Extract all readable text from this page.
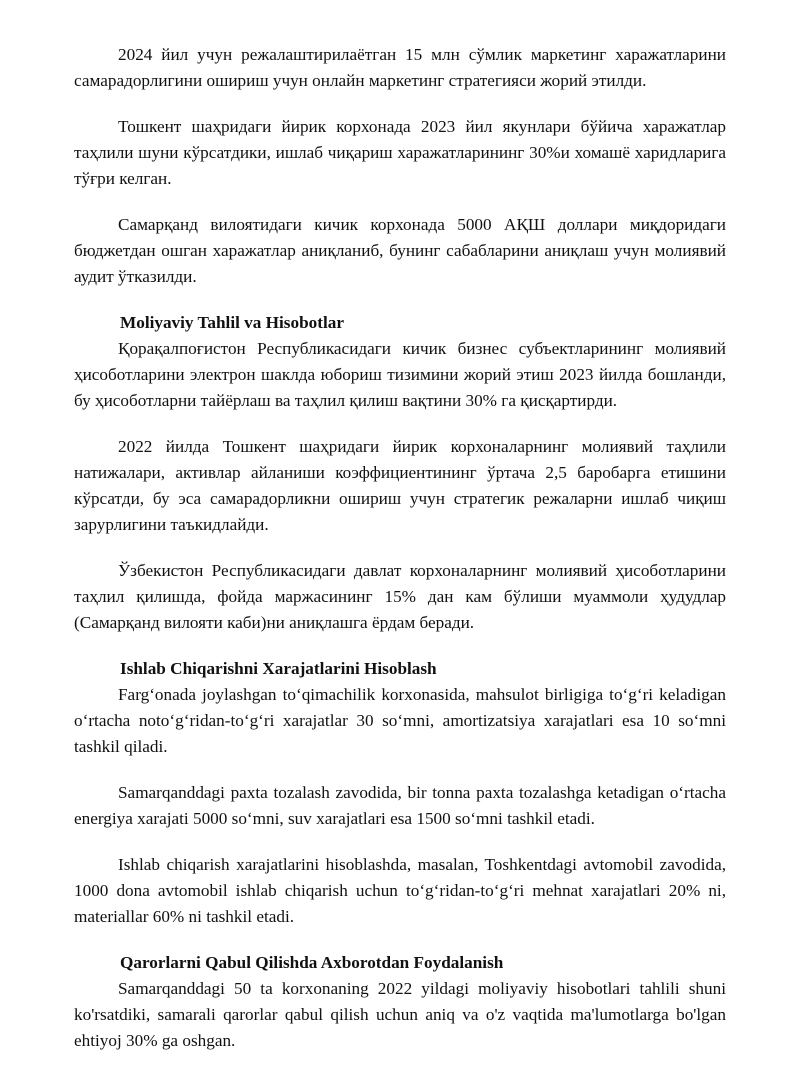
2024 йил учун режалаштирилаётган 15 млн сўмлик маркетинг харажатларини самарадорлигини ошириш учун онлайн маркетинг стратегияси жорий этилди.

Тошкент шаҳридаги йирик корхонада 2023 йил якунлари бўйича харажатлар таҳлили шуни кўрсатдики, ишлаб чиқариш харажатларининг 30%и хомашё харидларига тўғри келган.

Самарқанд вилоятидаги кичик корхонада 5000 АҚШ доллари миқдоридаги бюджетдан ошган харажатлар аниқланиб, бунинг сабабларини аниқлаш учун молиявий аудит ўтказилди.

Moliyaviy Tahlil va Hisobotlar

Қорақалпоғистон Республикасидаги кичик бизнес субъектларининг молиявий ҳисоботларини электрон шаклда юбориш тизимини жорий этиш 2023 йилда бошланди, бу ҳисоботларни тайёрлаш ва таҳлил қилиш вақтини 30% га қисқартирди.

2022 йилда Тошкент шаҳридаги йирик корхоналарнинг молиявий таҳлили натижалари, активлар айланиши коэффициентининг ўртача 2,5 баробарга етишини кўрсатди, бу эса самарадорликни ошириш учун стратегик режаларни ишлаб чиқиш зарурлигини таъкидлайди.

Ўзбекистон Республикасидаги давлат корхоналарнинг молиявий ҳисоботларини таҳлил қилишда, фойда маржасининг 15% дан кам бўлиши муаммоли ҳудудлар (Самарқанд вилояти каби)ни аниқлашга ёрдам беради.

Ishlab Chiqarishni Xarajatlarini Hisoblash

Farg‘onada joylashgan to‘qimachilik korxonasida, mahsulot birligiga to‘g‘ri keladigan o‘rtacha noto‘g‘ridan-to‘g‘ri xarajatlar 30 so‘mni, amortizatsiya xarajatlari esa 10 so‘mni tashkil qiladi.

Samarqanddagi paxta tozalash zavodida, bir tonna paxta tozalashga ketadigan o‘rtacha energiya xarajati 5000 so‘mni, suv xarajatlari esa 1500 so‘mni tashkil etadi.

Ishlab chiqarish xarajatlarini hisoblashda, masalan, Toshkentdagi avtomobil zavodida, 1000 dona avtomobil ishlab chiqarish uchun to‘g‘ridan-to‘g‘ri mehnat xarajatlari 20% ni, materiallar 60% ni tashkil etadi.

Qarorlarni Qabul Qilishda Axborotdan Foydalanish

Samarqanddagi 50 ta korxonaning 2022 yildagi moliyaviy hisobotlari tahlili shuni ko'rsatdiki, samarali qarorlar qabul qilish uchun aniq va o'z vaqtida ma'lumotlarga bo'lgan ehtiyoj 30% ga oshgan.
